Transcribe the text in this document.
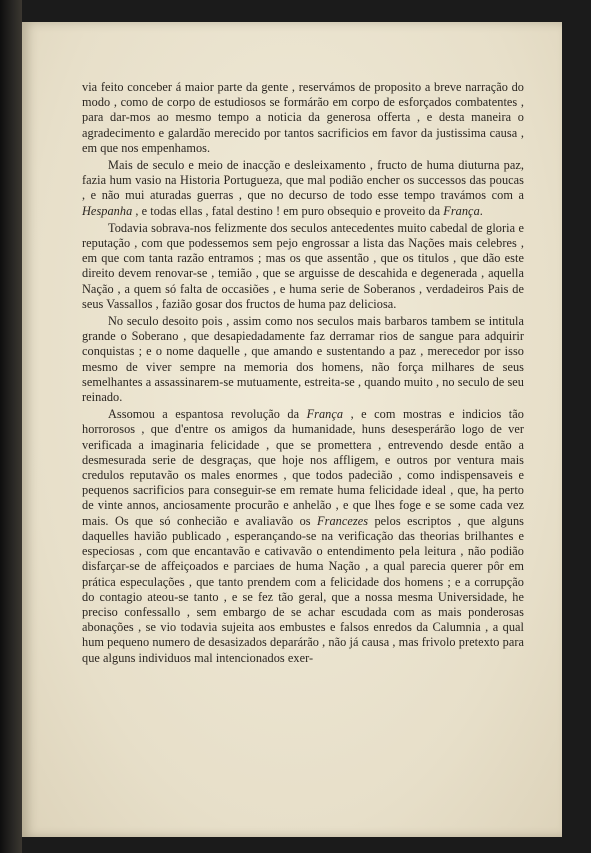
via feito conceber á maior parte da gente , reservámos de proposito a breve narração do modo , como de corpo de estudiosos se formárão em corpo de esforçados combatentes , para dar-mos ao mesmo tempo a noticia da generosa offerta , e desta maneira o agradecimento e galardão merecido por tantos sacrificios em favor da justissima causa , em que nos empenhamos.

Mais de seculo e meio de inacção e desleixamento , fructo de huma diuturna paz, fazia hum vasio na Historia Portugueza, que mal podião encher os successos das poucas , e não mui aturadas guerras , que no decurso de todo esse tempo travámos com a Hespanha , e todas ellas , fatal destino ! em puro obsequio e proveito da França.

Todavia sobrava-nos felizmente dos seculos antecedentes muito cabedal de gloria e reputação , com que podessemos sem pejo engrossar a lista das Nações mais celebres , em que com tanta razão entramos ; mas os que assentão , que os titulos , que dão este direito devem renovar-se , temião , que se arguisse de descahida e degenerada , aquella Nação , a quem só falta de occasiões , e huma serie de Soberanos , verdadeiros Pais de seus Vassallos , fazião gosar dos fructos de huma paz deliciosa.

No seculo desoito pois , assim como nos seculos mais barbaros tambem se intitula grande o Soberano , que desapiedadamente faz derramar rios de sangue para adquirir conquistas ; e o nome daquelle , que amando e sustentando a paz , merecedor por isso mesmo de viver sempre na memoria dos homens, não força milhares de seus semelhantes a assassinarem-se mutuamente, estreita-se , quando muito , no seculo de seu reinado.

Assomou a espantosa revolução da França , e com mostras e indicios tão horrorosos , que d'entre os amigos da humanidade, huns desesperárão logo de ver verificada a imaginaria felicidade , que se promettera , entrevendo desde então a desmesurada serie de desgraças, que hoje nos affligem, e outros por ventura mais credulos reputavão os males enormes , que todos padecião , como indispensaveis e pequenos sacrificios para conseguir-se em remate huma felicidade ideal , que, ha perto de vinte annos, anciosamente procurão e anhelão , e que lhes foge e se some cada vez mais. Os que só conhecião e avaliavão os Francezes pelos escriptos , que alguns daquelles havião publicado , esperançando-se na verificação das theorias brilhantes e especiosas , com que encantavão e cativavão o entendimento pela leitura , não podião disfarçar-se de affeiçoados e parciaes de huma Nação , a qual parecia querer pôr em prática especulações , que tanto prendem com a felicidade dos homens ; e a corrupção do contagio ateou-se tanto , e se fez tão geral, que a nossa mesma Universidade, he preciso confessallo , sem embargo de se achar escudada com as mais ponderosas abonações , se vio todavia sujeita aos embustes e falsos enredos da Calumnia , a qual hum pequeno numero de desasizados deparárão , não já causa , mas frivolo pretexto para que alguns individuos mal intencionados exer-
